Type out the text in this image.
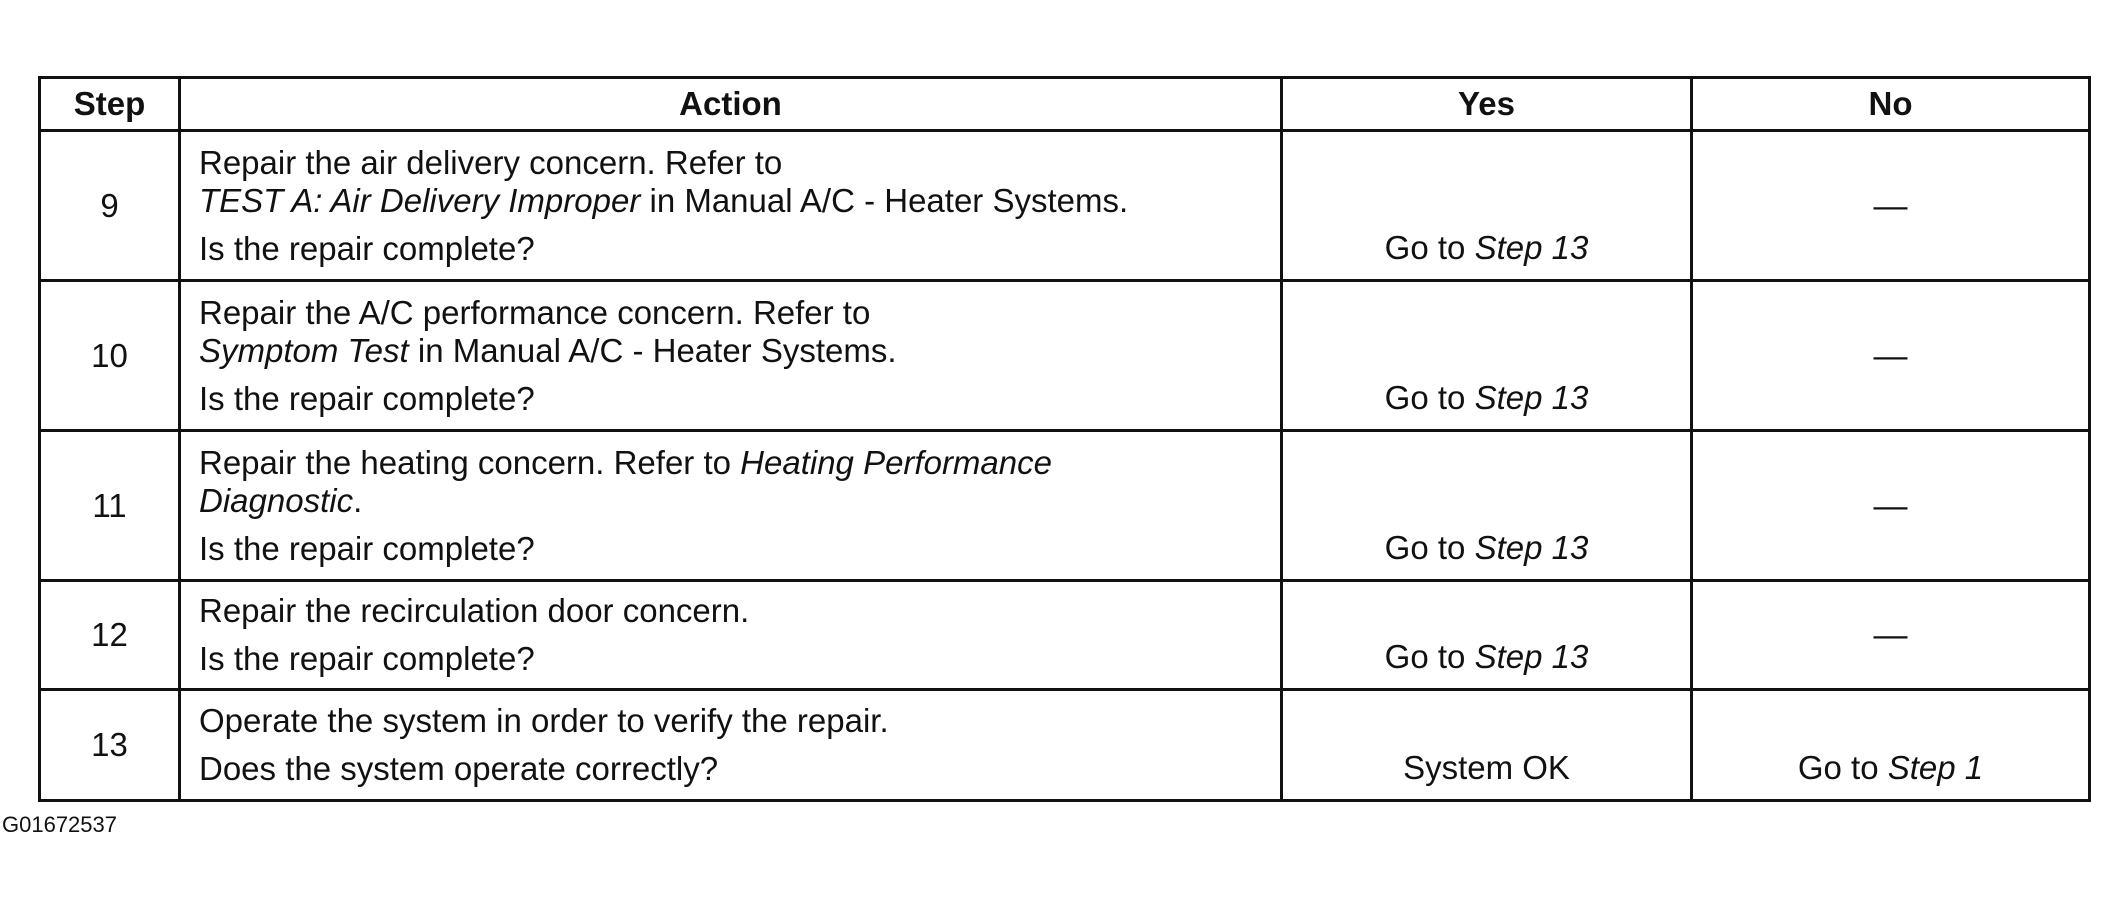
Step	Action	Yes	No
9	Repair the air delivery concern. Refer to
TEST A: Air Delivery Improper in Manual A/C - Heater Systems.
Is the repair complete?	Go to Step 13	—
10	Repair the A/C performance concern. Refer to
Symptom Test in Manual A/C - Heater Systems.
Is the repair complete?	Go to Step 13	—
11	Repair the heating concern. Refer to Heating Performance
Diagnostic.
Is the repair complete?	Go to Step 13	—
12	Repair the recirculation door concern.
Is the repair complete?	Go to Step 13	—
13	Operate the system in order to verify the repair.
Does the system operate correctly?	System OK	Go to Step 1
G01672537
